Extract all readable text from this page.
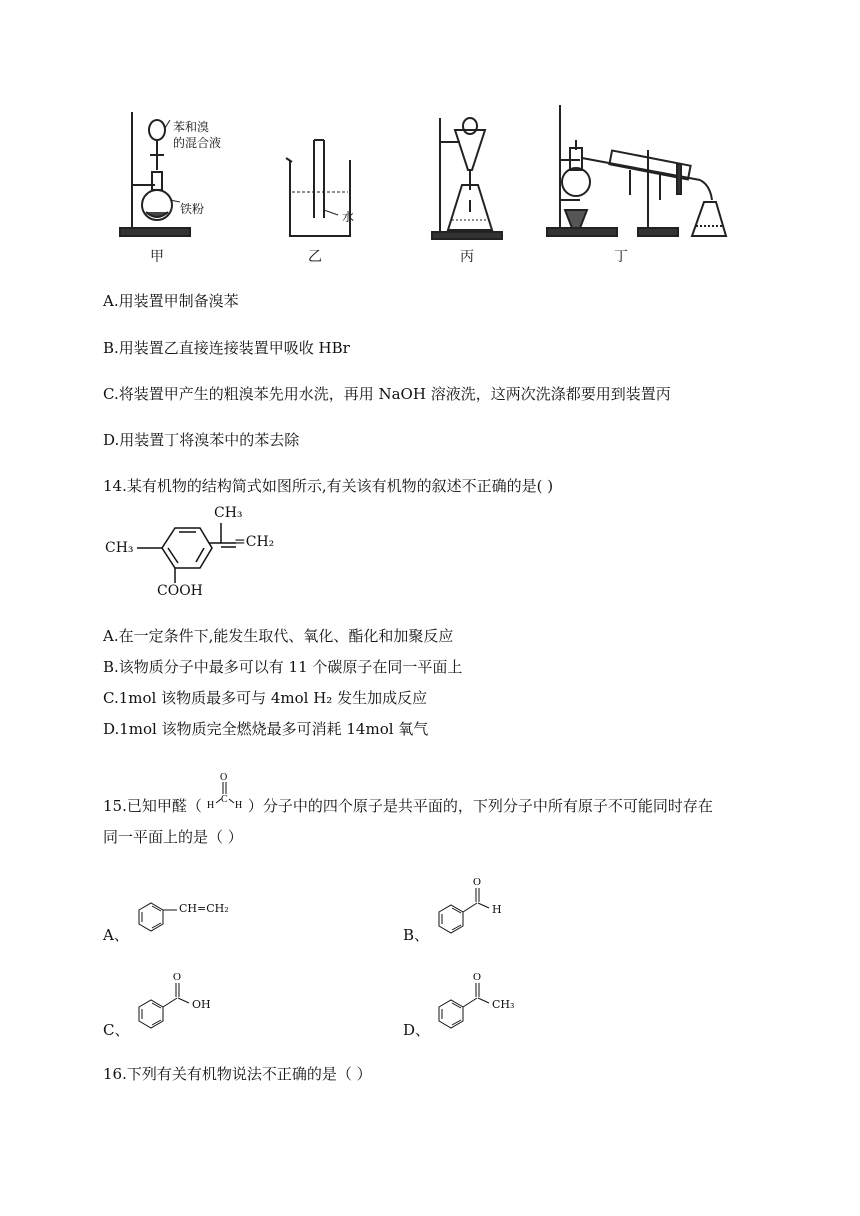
苯和溴
的混合液
铁粉
水
甲	乙	丙	丁
A.用装置甲制备溴苯
B.用装置乙直接连接装置甲吸收 HBr
C.将装置甲产生的粗溴苯先用水洗，再用 NaOH 溶液洗，这两次洗涤都要用到装置丙
D.用装置丁将溴苯中的苯去除
14.某有机物的结构简式如图所示,有关该有机物的叙述不正确的是( )
CH₃
CH₃
=CH₂
COOH
A.在一定条件下,能发生取代、氧化、酯化和加聚反应
B.该物质分子中最多可以有 11 个碳原子在同一平面上
C.1mol 该物质最多可与 4mol H₂ 发生加成反应
D.1mol 该物质完全燃烧最多可消耗 14mol 氧气
15.已知甲醛（
O
C
H H ）分子中的四个原子是共平面的，下列分子中所有原子不可能同时存在
同一平面上的是（ ）
A、
CH=CH₂
B、
O
H
C、
O
OH
D、
O
CH₃
16.下列有关有机物说法不正确的是（ ）
